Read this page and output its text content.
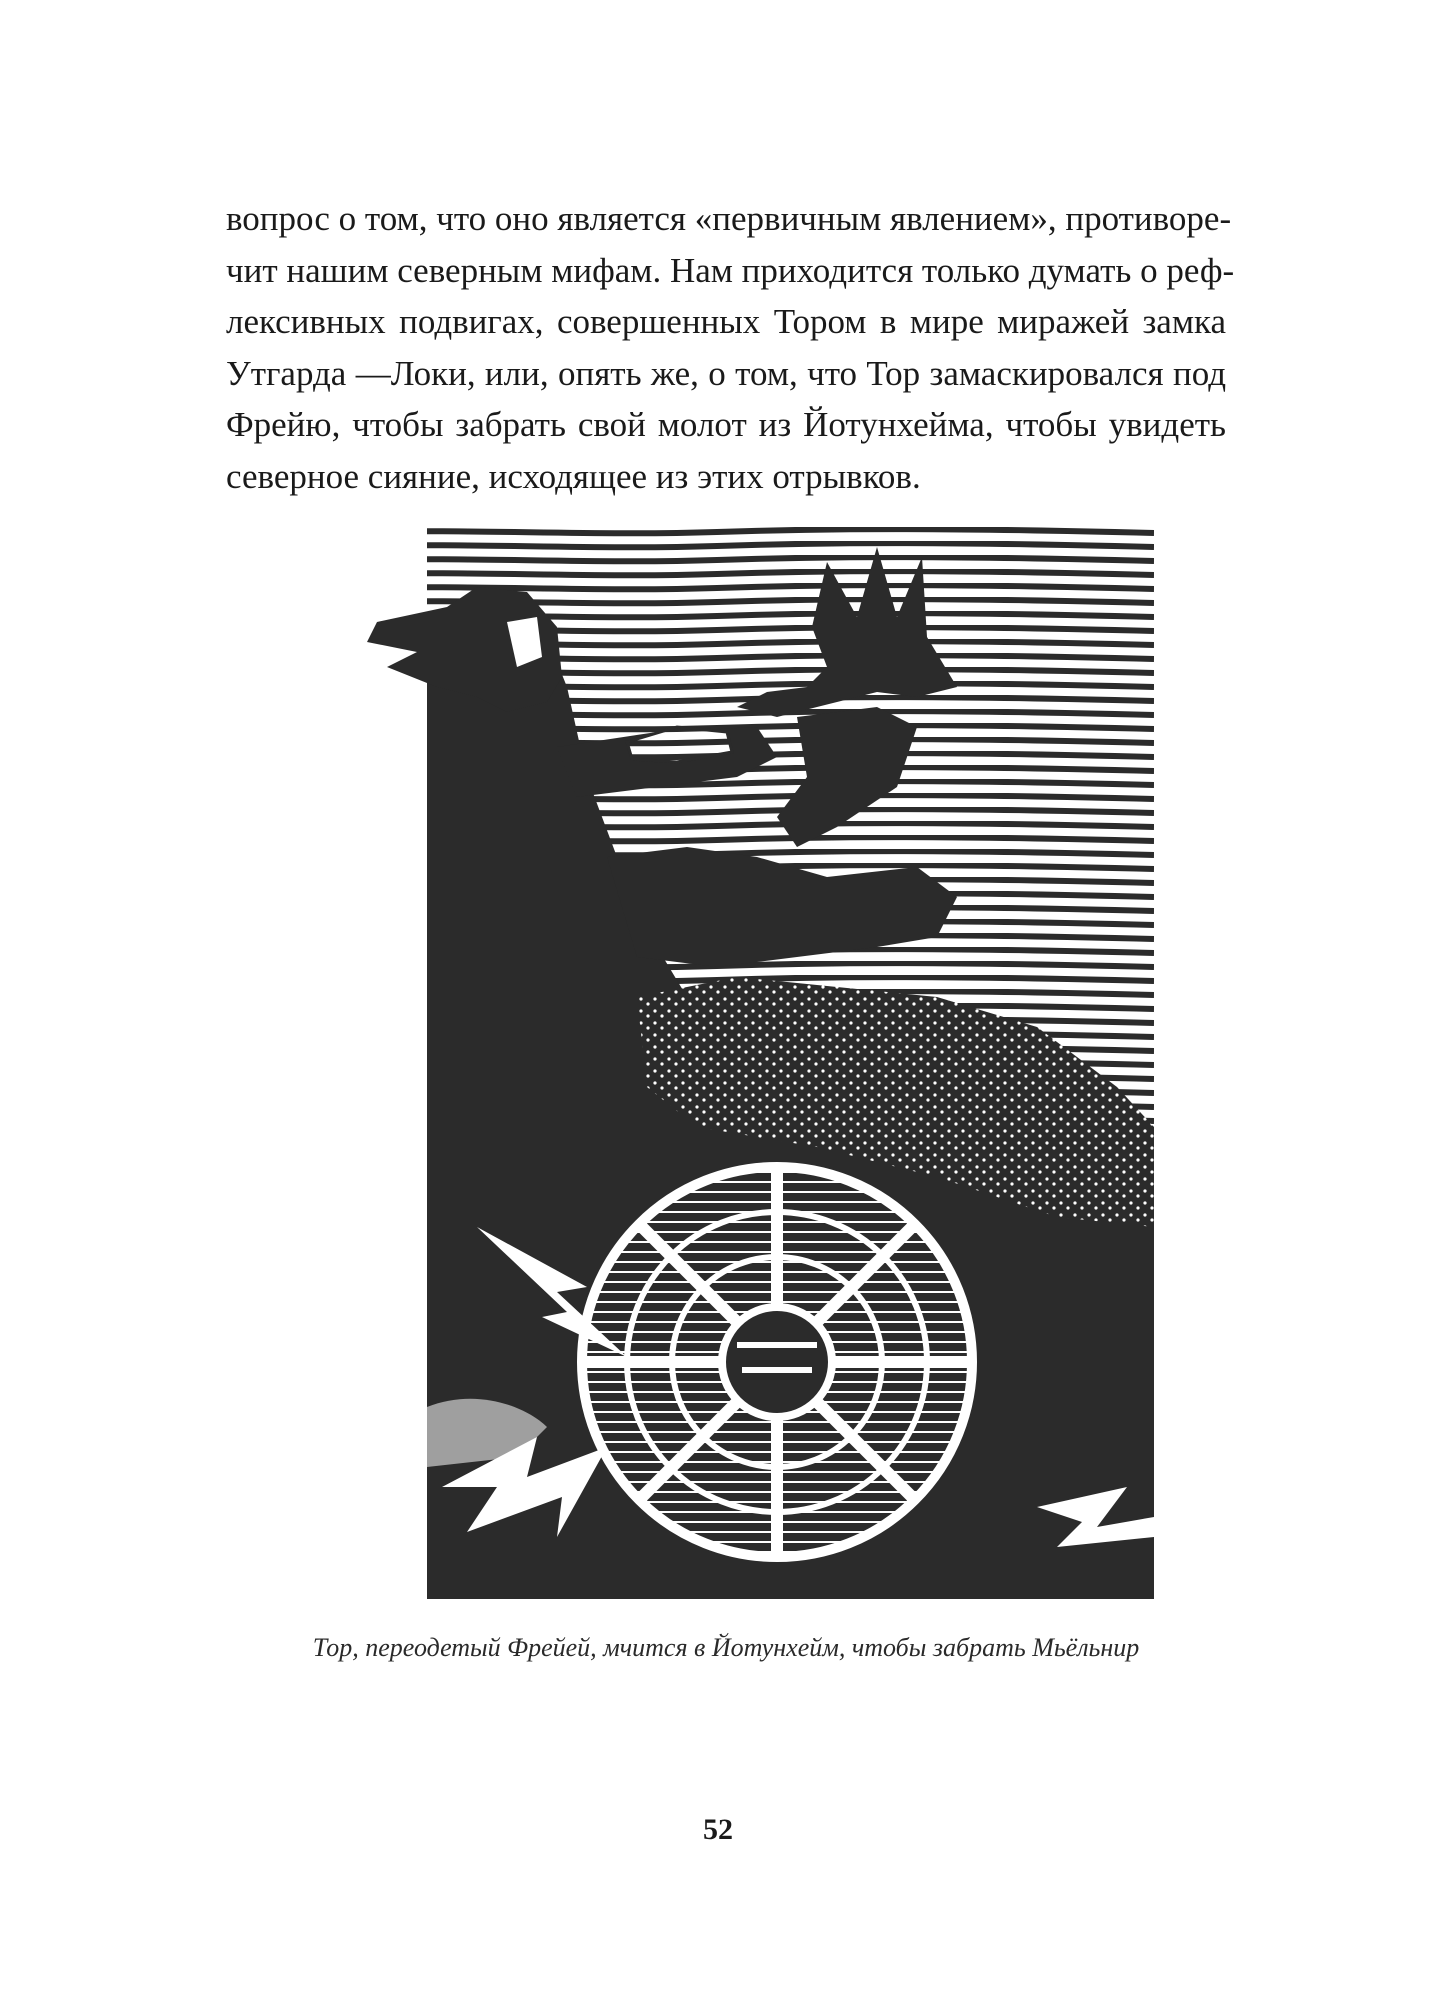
вопрос о том, что оно является «первичным явлением», противоре-
чит нашим северным мифам. Нам приходится только думать о реф-
лексивных подвигах, совершенных Тором в мире миражей замка
Утгарда —Локи, или, опять же, о том, что Тор замаскировался под
Фрейю, чтобы забрать свой молот из Йотунхейма, чтобы увидеть
северное сияние, исходящее из этих отрывков.
Тор, переодетый Фрейей, мчится в Йотунхейм, чтобы забрать Мьёльнир
52
